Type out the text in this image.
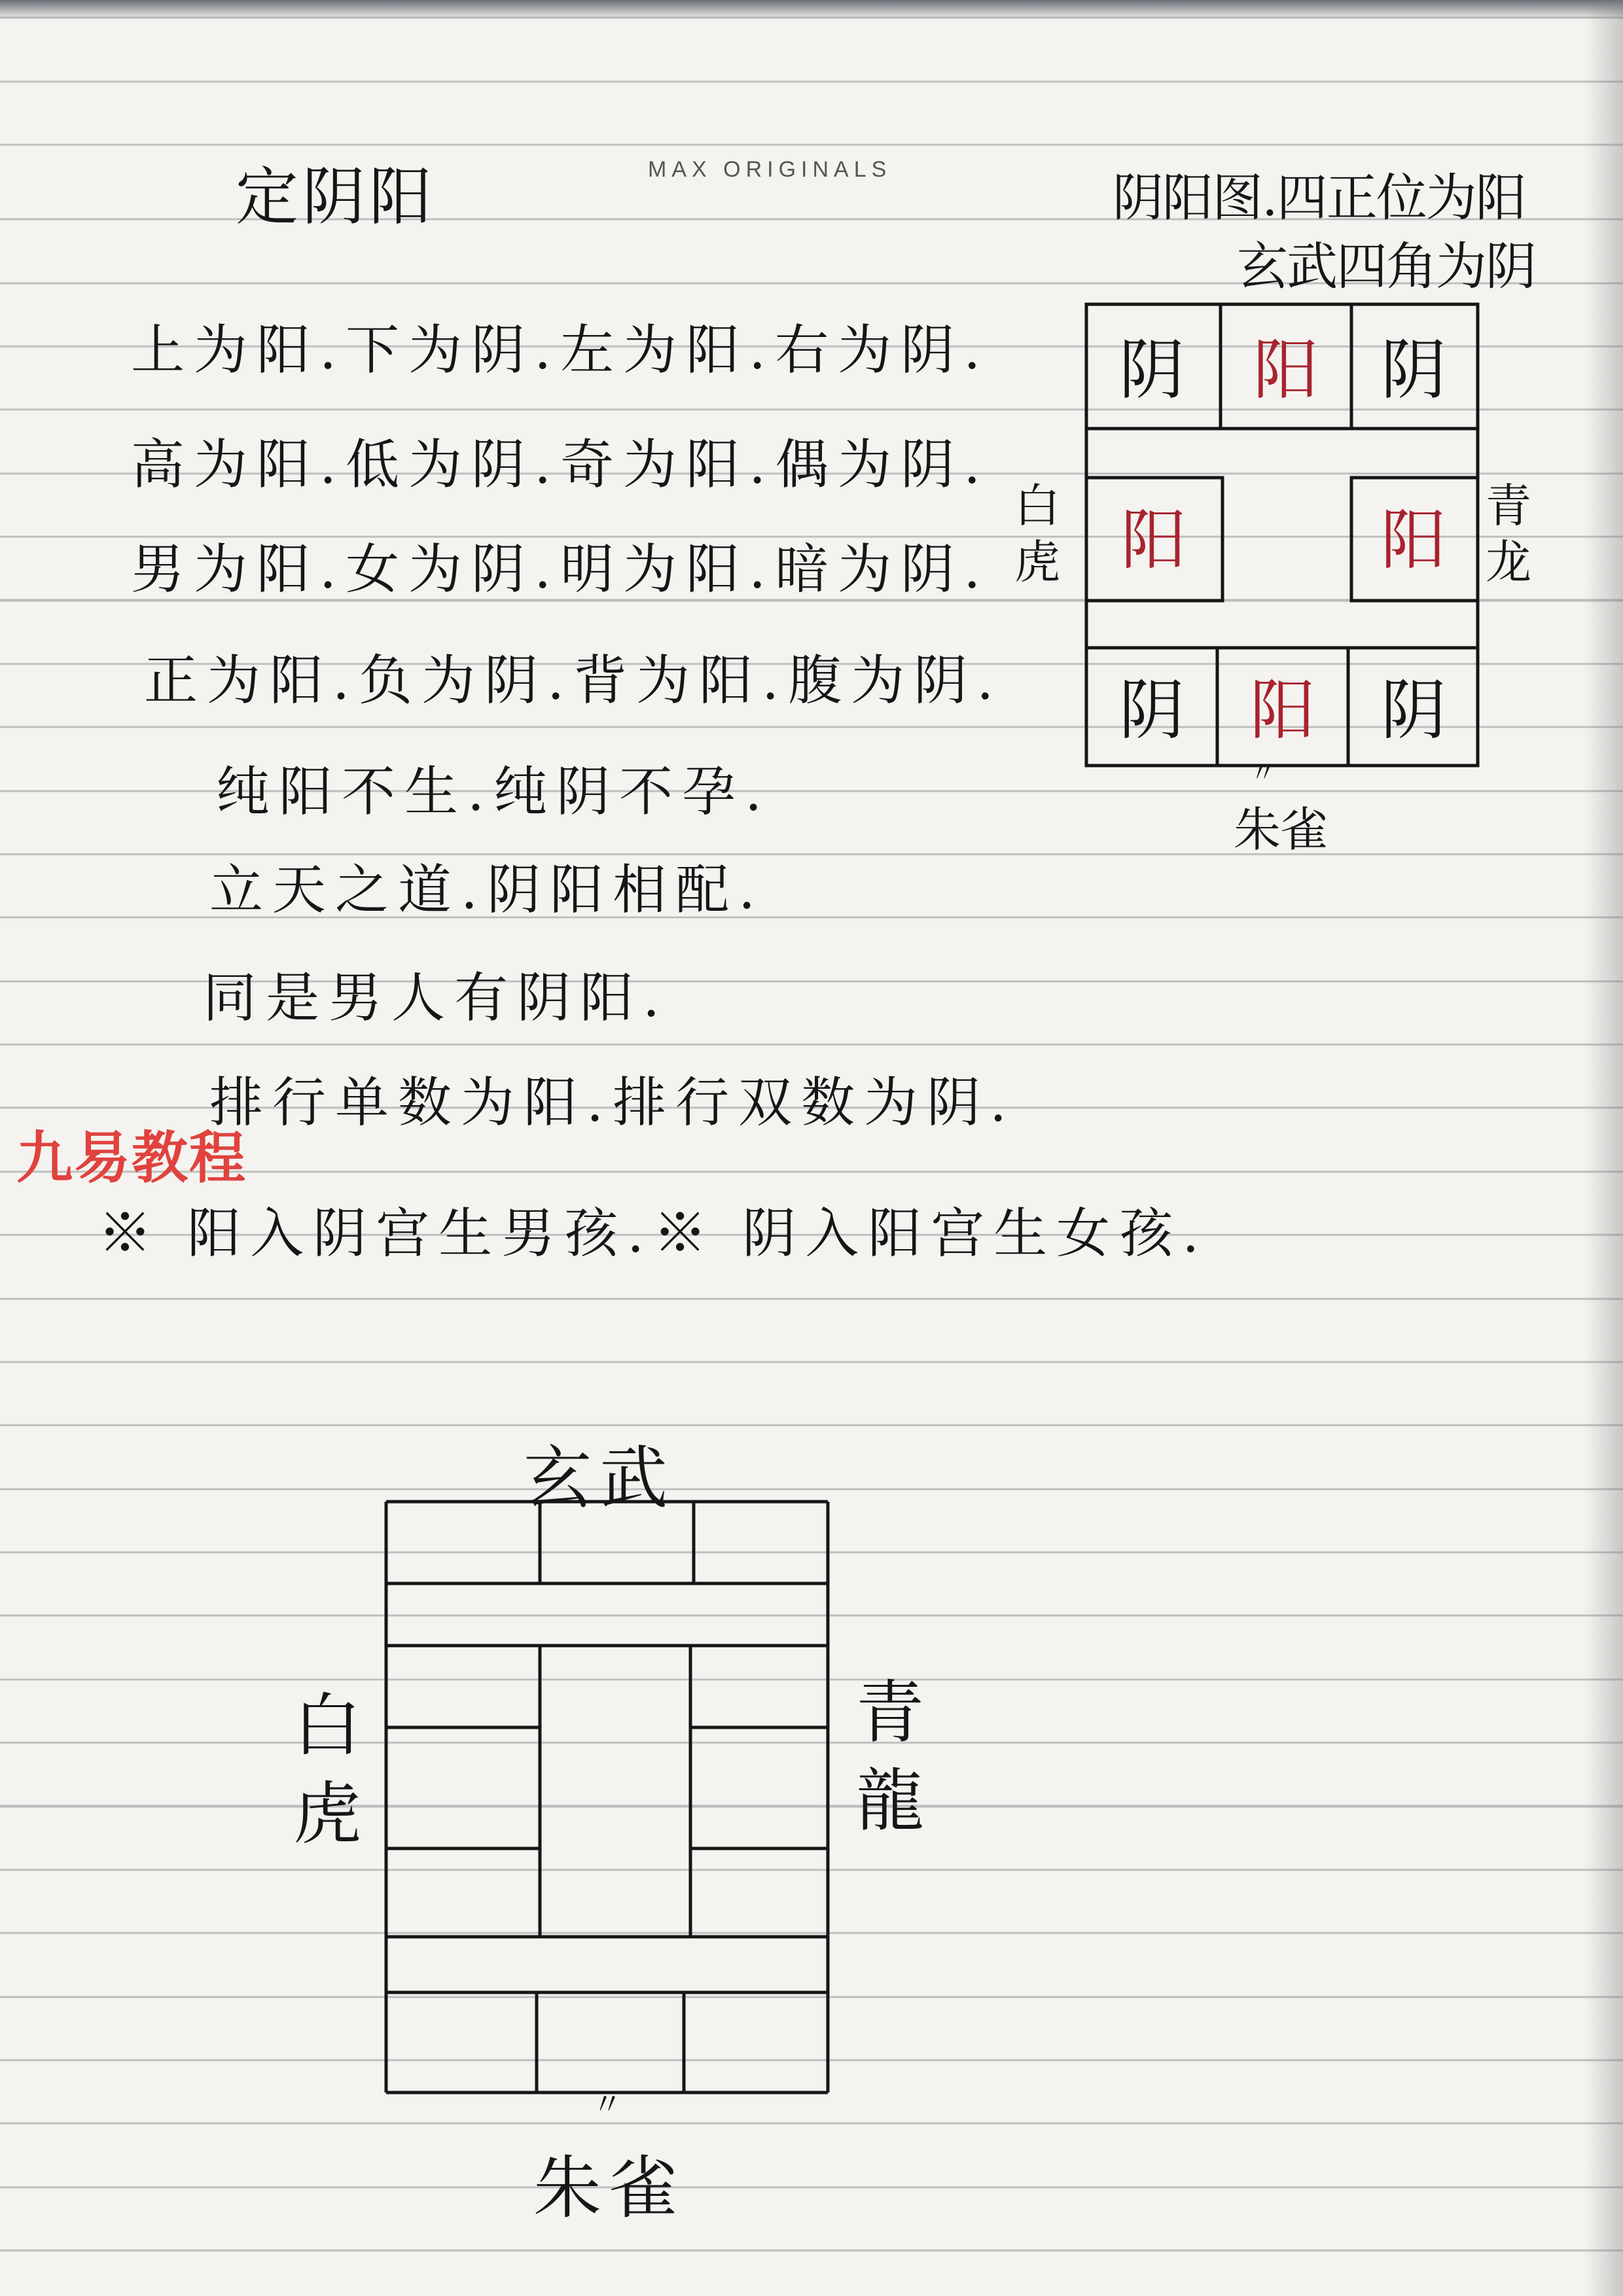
定阴阳	MAX ORIGINALS	阴阳图.四正位为阳
玄武四角为阴
上为阳.下为阴.左为阳.右为阴.
高为阳.低为阴.奇为阳.偶为阴.
男为阳.女为阴.明为阳.暗为阴.
正为阳.负为阴.背为阳.腹为阴.
纯阳不生.纯阴不孕.
立天之道.阴阳相配.
同是男人有阴阳.
排行单数为阳.排行双数为阴.
※ 阳入阴宫生男孩.※ 阴入阳宫生女孩.
九易教程
白虎
青龙
阴 阳 阴
阳	阳
阴 阳 阴
〃
朱雀
玄武
白虎
青龍
〃
朱雀
